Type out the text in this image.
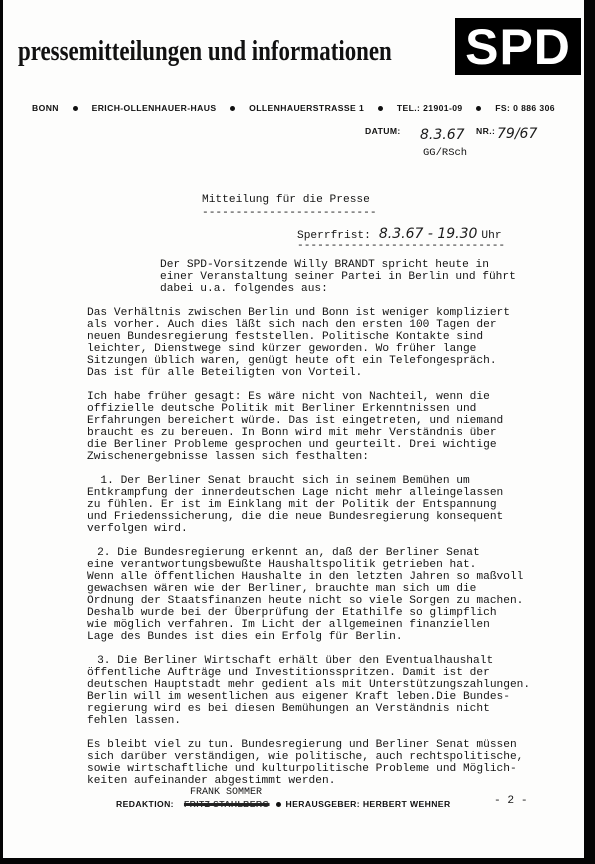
pressemitteilungen und informationen SPD
BONN	ERICH-OLLENHAUER-HAUS	OLLENHAUERSTRASSE 1	TEL.: 21901-09	FS: 0 886 306
DATUM: 8.3.67 NR.: 79/67
GG/RSch
Mitteilung für die Presse
--------------------------
Sperrfrist: 8.3.67 - 19.30 Uhr
-------------------------------
Der SPD-Vorsitzende Willy BRANDT spricht heute in
einer Veranstaltung seiner Partei in Berlin und führt
dabei u.a. folgendes aus:
Das Verhältnis zwischen Berlin und Bonn ist weniger kompliziert
als vorher. Auch dies läßt sich nach den ersten 100 Tagen der
neuen Bundesregierung feststellen. Politische Kontakte sind
leichter, Dienstwege sind kürzer geworden. Wo früher lange
Sitzungen üblich waren, genügt heute oft ein Telefongespräch.
Das ist für alle Beteiligten von Vorteil.
Ich habe früher gesagt: Es wäre nicht von Nachteil, wenn die
offizielle deutsche Politik mit Berliner Erkenntnissen und
Erfahrungen bereichert würde. Das ist eingetreten, und niemand
braucht es zu bereuen. In Bonn wird mit mehr Verständnis über
die Berliner Probleme gesprochen und geurteilt. Drei wichtige
Zwischenergebnisse lassen sich festhalten:
1. Der Berliner Senat braucht sich in seinem Bemühen um
Entkrampfung der innerdeutschen Lage nicht mehr alleingelassen
zu fühlen. Er ist im Einklang mit der Politik der Entspannung
und Friedenssicherung, die die neue Bundesregierung konsequent
verfolgen wird.
2. Die Bundesregierung erkennt an, daß der Berliner Senat
eine verantwortungsbewußte Haushaltspolitik getrieben hat.
Wenn alle öffentlichen Haushalte in den letzten Jahren so maßvoll
gewachsen wären wie der Berliner, brauchte man sich um die
Ordnung der Staatsfinanzen heute nicht so viele Sorgen zu machen.
Deshalb wurde bei der Überprüfung der Etathilfe so glimpflich
wie möglich verfahren. Im Licht der allgemeinen finanziellen
Lage des Bundes ist dies ein Erfolg für Berlin.
3. Die Berliner Wirtschaft erhält über den Eventualhaushalt
öffentliche Aufträge und Investitionsspritzen. Damit ist der
deutschen Hauptstadt mehr gedient als mit Unterstützungszahlungen.
Berlin will im wesentlichen aus eigener Kraft leben.Die Bundes-
regierung wird es bei diesen Bemühungen an Verständnis nicht
fehlen lassen.
Es bleibt viel zu tun. Bundesregierung und Berliner Senat müssen
sich darüber verständigen, wie politische, auch rechtspolitische,
sowie wirtschaftliche und kulturpolitische Probleme und Möglich-
keiten aufeinander abgestimmt werden.
FRANK SOMMER
REDAKTION: FRITZ STAHLBERG HERAUSGEBER: HERBERT WEHNER	- 2 -
